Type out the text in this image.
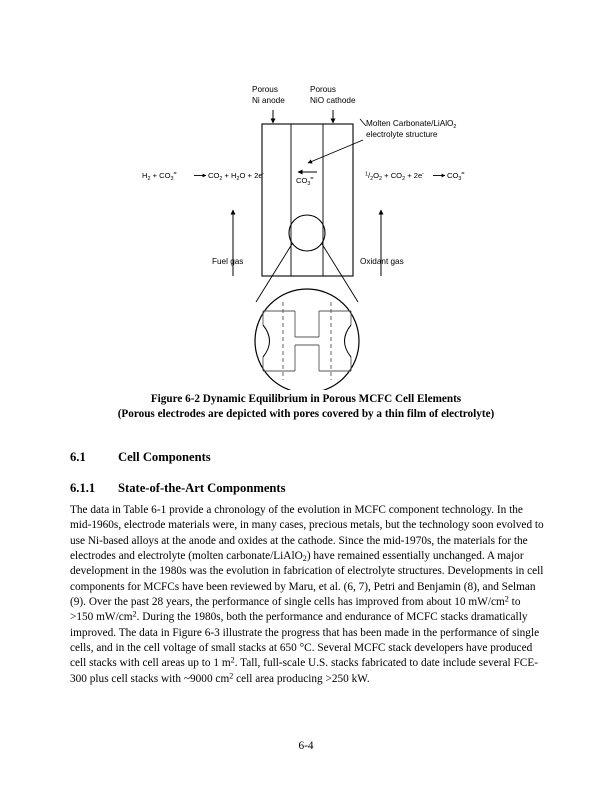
Porous
Ni anode
Porous
NiO cathode
Molten Carbonate/LiAlO$_2$
electrolyte structure
$H_2 + CO_3^=$	$CO_2 + H_2O + 2e^-$	$^1/_2O_2 + CO_2 + 2e^-$	$CO_3^=$
$CO_3^=$
Fuel gas	Oxidant gas
Figure 6-2 Dynamic Equilibrium in Porous MCFC Cell Elements
(Porous electrodes are depicted with pores covered by a thin film of electrolyte)
6.1	Cell Components
6.1.1 State-of-the-Art Componments

The data in Table 6-1 provide a chronology of the evolution in MCFC component technology. In the mid-1960s, electrode materials were, in many cases, precious metals, but the technology soon evolved to use Ni-based alloys at the anode and oxides at the cathode. Since the mid-1970s, the materials for the electrodes and electrolyte (molten carbonate/LiAlO$_2$) have remained essentially unchanged. A major development in the 1980s was the evolution in fabrication of electrolyte structures. Developments in cell components for MCFCs have been reviewed by Maru, et al. (6, 7), Petri and Benjamin (8), and Selman (9). Over the past 28 years, the performance of single cells has improved from about 10 $mW/cm^2$ to >150 $mW/cm^2$. During the 1980s, both the performance and endurance of MCFC stacks dramatically improved. The data in Figure 6-3 illustrate the progress that has been made in the performance of single cells, and in the cell voltage of small stacks at 650 °C. Several MCFC stack developers have produced cell stacks with cell areas up to 1 $m^2$. Tall, full-scale U.S. stacks fabricated to date include several FCE-300 plus cell stacks with ~9000 $cm^2$ cell area producing >250 kW.

6-4
